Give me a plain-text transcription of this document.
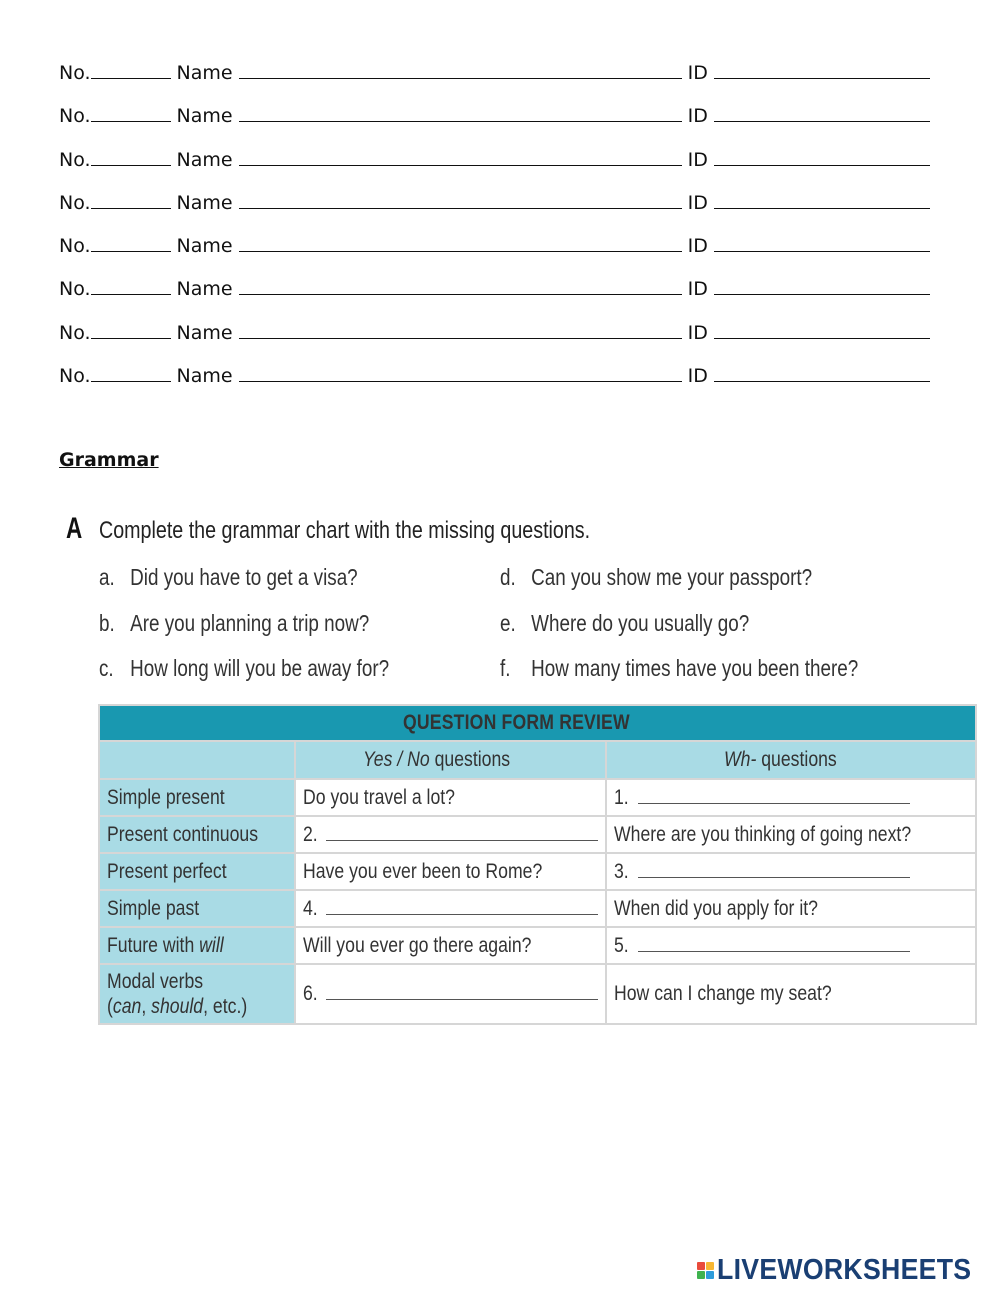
No.	Name	ID
No.	Name	ID
No.	Name	ID
No.	Name	ID
No.	Name	ID
No.	Name	ID
No.	Name	ID
No.	Name	ID
Grammar
A Complete the grammar chart with the missing questions.
a. Did you have to get a visa?
b. Are you planning a trip now?
c. How long will you be away for?
d. Can you show me your passport?
e. Where do you usually go?
f. How many times have you been there?
QUESTION FORM REVIEW		
	Yes / No questions	Wh- questions
Simple present	Do you travel a lot?	1.
Present continuous	2.	Where are you thinking of going next?
Present perfect	Have you ever been to Rome?	3.
Simple past	4.	When did you apply for it?
Future with will	Will you ever go there again?	5.
Modal verbs
(can, should, etc.)	6.	How can I change my seat?
LIVEWORKSHEETS
